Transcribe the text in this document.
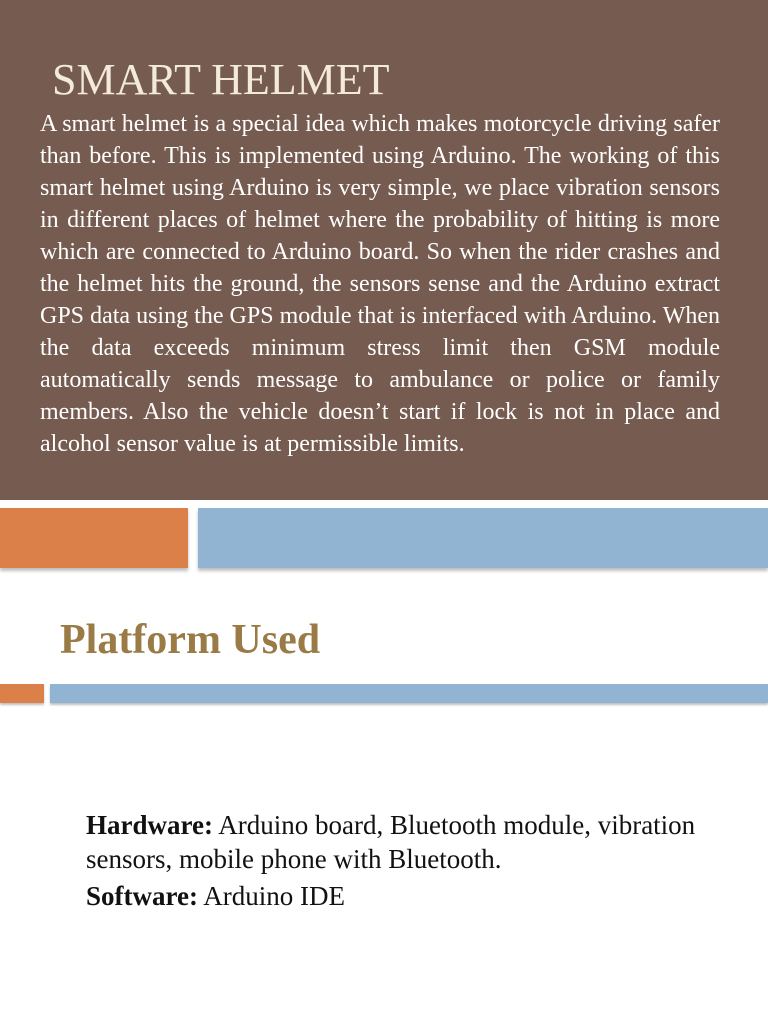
SMART HELMET

A smart helmet is a special idea which makes motorcycle driving safer than before. This is implemented using Arduino. The working of this smart helmet using Arduino is very simple, we place vibration sensors in different places of helmet where the probability of hitting is more which are connected to Arduino board. So when the rider crashes and the helmet hits the ground, the sensors sense and the Arduino extract GPS data using the GPS module that is interfaced with Arduino. When the data exceeds minimum stress limit then GSM module automatically sends message to ambulance or police or family members. Also the vehicle doesn’t start if lock is not in place and alcohol sensor value is at permissible limits.

Platform Used
Hardware: Arduino board, Bluetooth module, vibration sensors, mobile phone with Bluetooth.
Software: Arduino IDE
